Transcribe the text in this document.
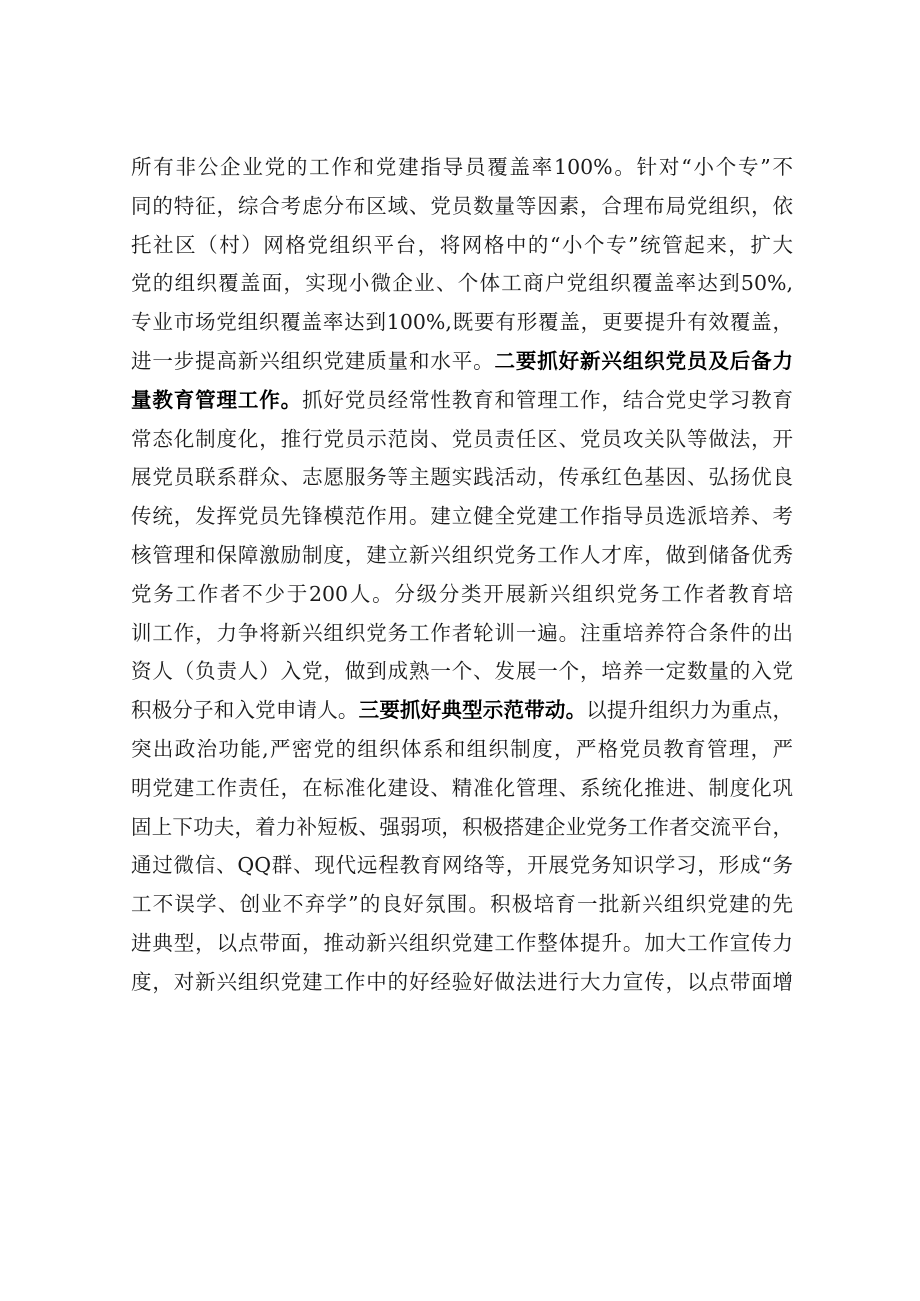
所有非公企业党的工作和党建指导员覆盖率100%。针对“小个专”不
同的特征，综合考虑分布区域、党员数量等因素，合理布局党组织，依
托社区（村）网格党组织平台，将网格中的“小个专”统管起来，扩大
党的组织覆盖面，实现小微企业、个体工商户党组织覆盖率达到50%,
专业市场党组织覆盖率达到100%,既要有形覆盖，更要提升有效覆盖，
进一步提高新兴组织党建质量和水平。二要抓好新兴组织党员及后备力
量教育管理工作。抓好党员经常性教育和管理工作，结合党史学习教育
常态化制度化，推行党员示范岗、党员责任区、党员攻关队等做法，开
展党员联系群众、志愿服务等主题实践活动，传承红色基因、弘扬优良
传统，发挥党员先锋模范作用。建立健全党建工作指导员选派培养、考
核管理和保障激励制度，建立新兴组织党务工作人才库，做到储备优秀
党务工作者不少于200人。分级分类开展新兴组织党务工作者教育培
训工作，力争将新兴组织党务工作者轮训一遍。注重培养符合条件的出
资人（负责人）入党，做到成熟一个、发展一个，培养一定数量的入党
积极分子和入党申请人。三要抓好典型示范带动。以提升组织力为重点，
突出政治功能,严密党的组织体系和组织制度，严格党员教育管理，严
明党建工作责任，在标准化建设、精准化管理、系统化推进、制度化巩
固上下功夫，着力补短板、强弱项，积极搭建企业党务工作者交流平台，
通过微信、QQ群、现代远程教育网络等，开展党务知识学习，形成“务
工不误学、创业不弃学”的良好氛围。积极培育一批新兴组织党建的先
进典型，以点带面，推动新兴组织党建工作整体提升。加大工作宣传力
度，对新兴组织党建工作中的好经验好做法进行大力宣传，以点带面增
